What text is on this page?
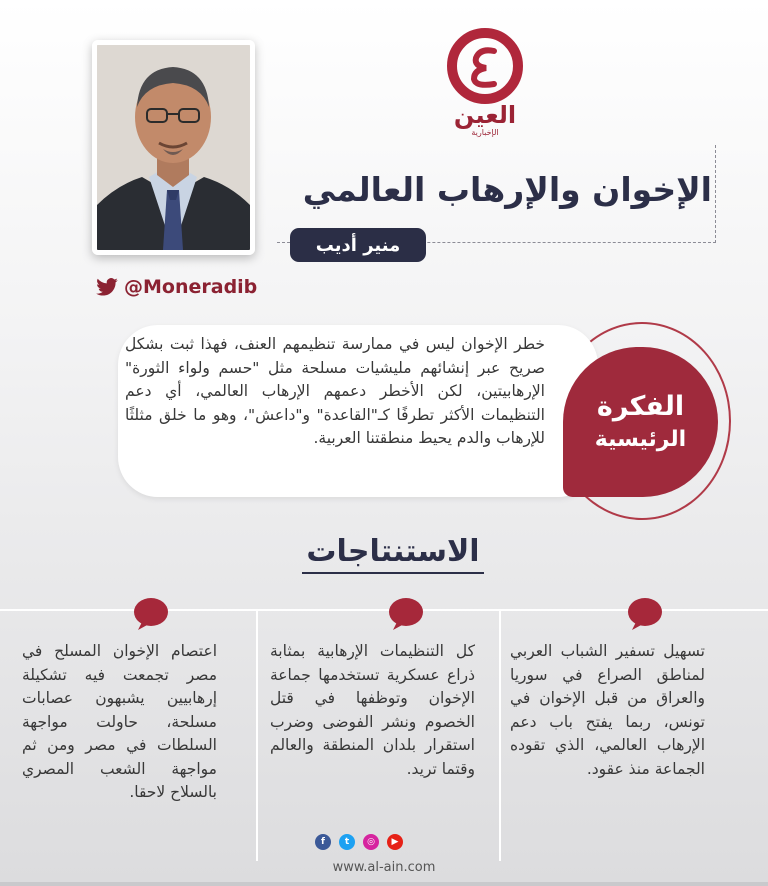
@Moneradib
العين
الإخبارية
الإخوان والإرهاب العالمي
منير أديب

خطر الإخوان ليس في ممارسة تنظيمهم العنف، فهذا ثبت بشكل صريح عبر إنشائهم مليشيات مسلحة مثل "حسم ولواء الثورة" الإرهابيتين، لكن الأخطر دعمهم الإرهاب العالمي، أي دعم التنظيمات الأكثر تطرفًا كـ"القاعدة" و"داعش"، وهو ما خلق مثلثًا للإرهاب والدم يحيط منطقتنا العربية.

الفكرة
الرئيسية
الاستنتاجات

تسهيل تسفير الشباب العربي لمناطق الصراع في سوريا والعراق من قبل الإخوان في تونس، ربما يفتح باب دعم الإرهاب العالمي، الذي تقوده الجماعة منذ عقود.

كل التنظيمات الإرهابية بمثابة ذراع عسكرية تستخدمها جماعة الإخوان وتوظفها في قتل الخصوم ونشر الفوضى وضرب استقرار بلدان المنطقة والعالم وقتما تريد.

اعتصام الإخوان المسلح في مصر تجمعت فيه تشكيلة إرهابيين يشبهون عصابات مسلحة، حاولت مواجهة السلطات في مصر ومن ثم مواجهة الشعب المصري بالسلاح لاحقا.

f	t	◎	▶
www.al-ain.com
